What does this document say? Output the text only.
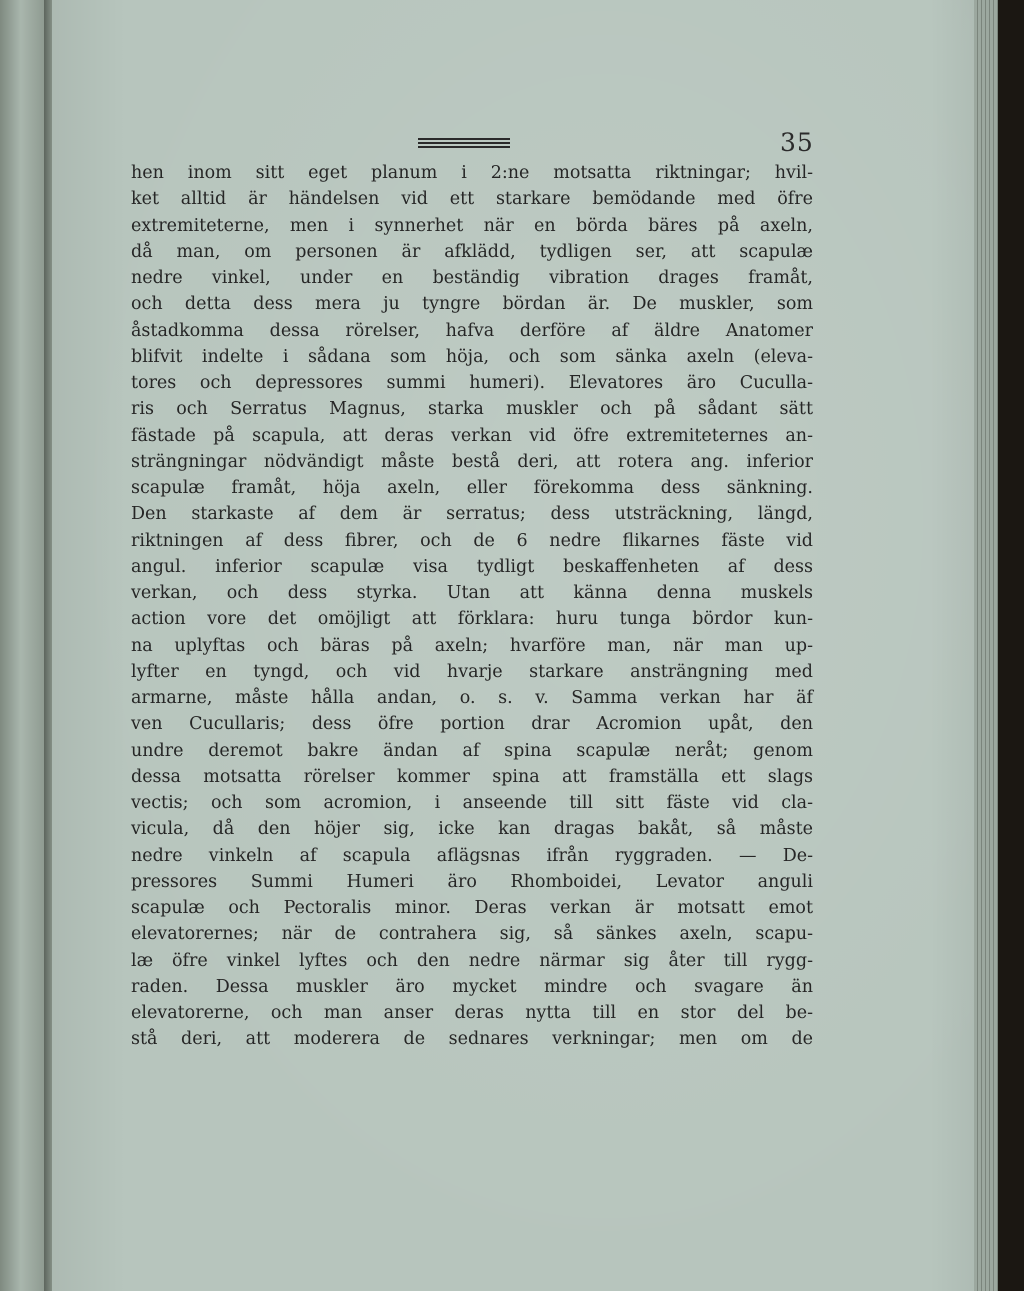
35
hen inom sitt eget planum i 2:ne motsatta riktningar; hvil-
ket alltid är händelsen vid ett starkare bemödande med öfre
extremiteterne, men i synnerhet när en börda bäres på axeln,
då man, om personen är afklädd, tydligen ser, att scapulæ
nedre vinkel, under en beständig vibration drages framåt,
och detta dess mera ju tyngre bördan är. De muskler, som
åstadkomma dessa rörelser, hafva derföre af äldre Anatomer
blifvit indelte i sådana som höja, och som sänka axeln (eleva-
tores och depressores summi humeri). Elevatores äro Cuculla-
ris och Serratus Magnus, starka muskler och på sådant sätt
fästade på scapula, att deras verkan vid öfre extremiteternes an-
strängningar nödvändigt måste bestå deri, att rotera ang. inferior
scapulæ framåt, höja axeln, eller förekomma dess sänkning.
Den starkaste af dem är serratus; dess utsträckning, längd,
riktningen af dess fibrer, och de 6 nedre flikarnes fäste vid
angul. inferior scapulæ visa tydligt beskaffenheten af dess
verkan, och dess styrka. Utan att känna denna muskels
action vore det omöjligt att förklara: huru tunga bördor kun-
na uplyftas och bäras på axeln; hvarföre man, när man up-
lyfter en tyngd, och vid hvarje starkare ansträngning med
armarne, måste hålla andan, o. s. v. Samma verkan har äf
ven Cucullaris; dess öfre portion drar Acromion upåt, den
undre deremot bakre ändan af spina scapulæ neråt; genom
dessa motsatta rörelser kommer spina att framställa ett slags
vectis; och som acromion, i anseende till sitt fäste vid cla-
vicula, då den höjer sig, icke kan dragas bakåt, så måste
nedre vinkeln af scapula aflägsnas ifrån ryggraden. — De-
pressores Summi Humeri äro Rhomboidei, Levator anguli
scapulæ och Pectoralis minor. Deras verkan är motsatt emot
elevatorernes; när de contrahera sig, så sänkes axeln, scapu-
læ öfre vinkel lyftes och den nedre närmar sig åter till rygg-
raden. Dessa muskler äro mycket mindre och svagare än
elevatorerne, och man anser deras nytta till en stor del be-
stå deri, att moderera de sednares verkningar; men om de
